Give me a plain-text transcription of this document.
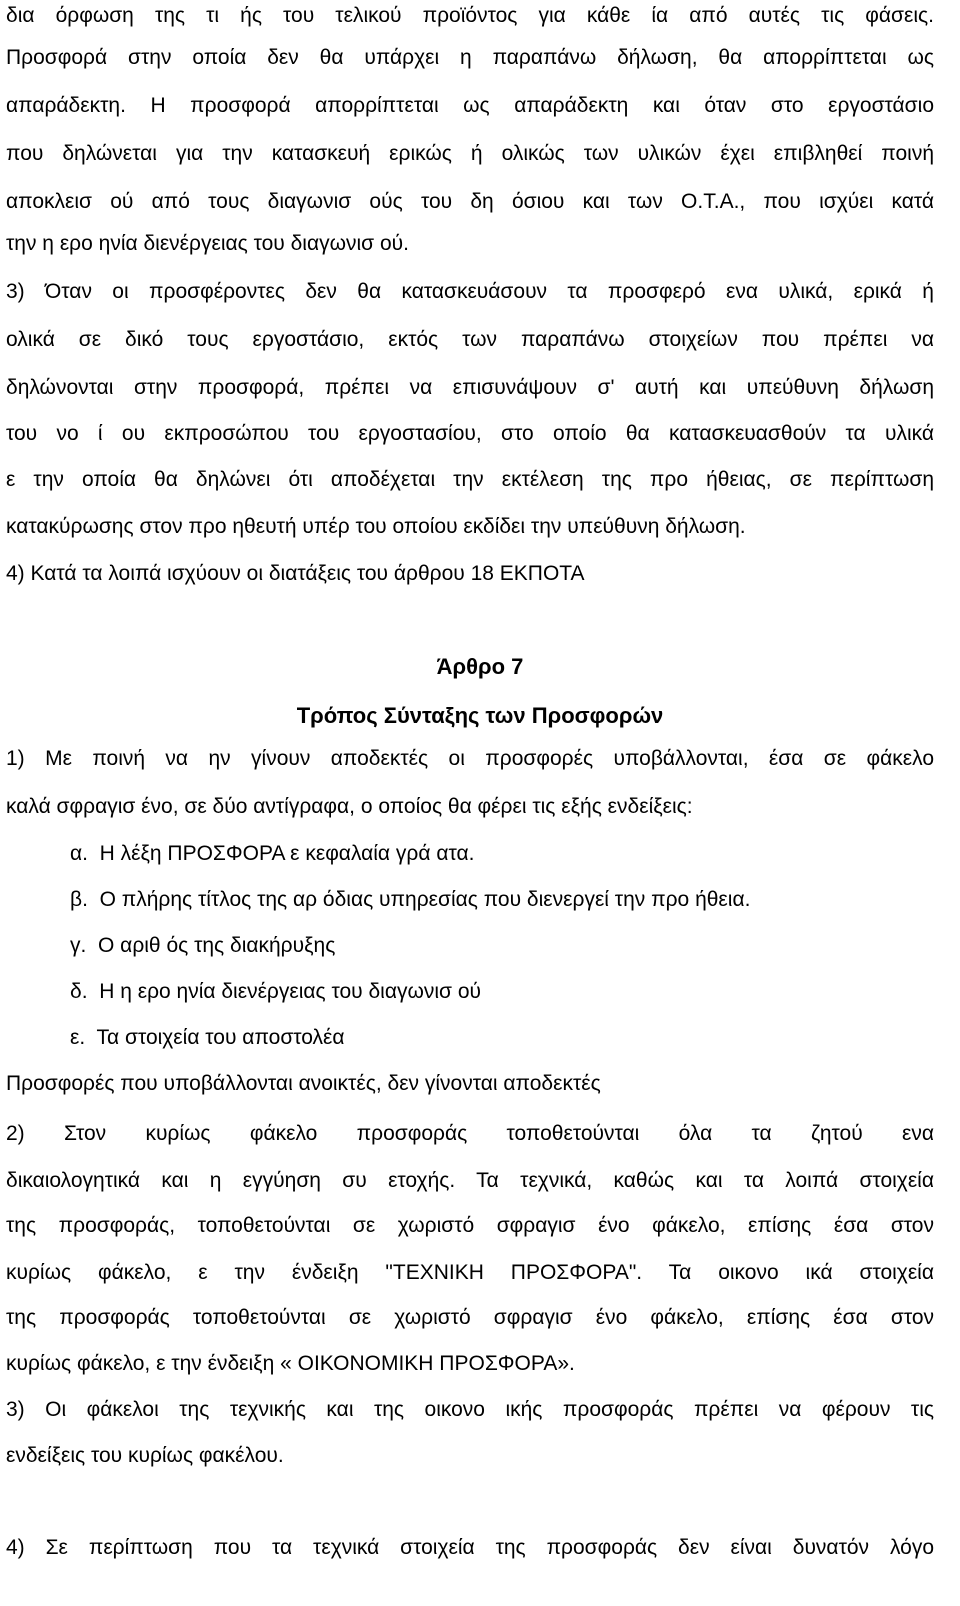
δια όρφωση της τι ής του τελικού προϊόντος για κάθε ία από αυτές τις φάσεις.
Προσφορά στην οποία δεν θα υπάρχει η παραπάνω δήλωση, θα απορρίπτεται ως
απαράδεκτη. Η προσφορά απορρίπτεται ως απαράδεκτη και όταν στο εργοστάσιο
που δηλώνεται για την κατασκευή ερικώς ή ολικώς των υλικών έχει επιβληθεί ποινή
αποκλεισ ού από τους διαγωνισ ούς του δη όσιου και των Ο.Τ.Α., που ισχύει κατά
την η ερο ηνία διενέργειας του διαγωνισ ού.
3) Όταν οι προσφέροντες δεν θα κατασκευάσουν τα προσφερό ενα υλικά, ερικά ή
ολικά σε δικό τους εργοστάσιο, εκτός των παραπάνω στοιχείων που πρέπει να
δηλώνονται στην προσφορά, πρέπει να επισυνάψουν σ' αυτή και υπεύθυνη δήλωση
του νο ί ου εκπροσώπου του εργοστασίου, στο οποίο θα κατασκευασθούν τα υλικά
ε την οποία θα δηλώνει ότι αποδέχεται την εκτέλεση της προ ήθειας, σε περίπτωση
κατακύρωσης στον προ ηθευτή υπέρ του οποίου εκδίδει την υπεύθυνη δήλωση.
4) Κατά τα λοιπά ισχύουν οι διατάξεις του άρθρου 18 ΕΚΠΟΤΑ
Άρθρο 7
Τρόπος Σύνταξης των Προσφορών
1) Με ποινή να ην γίνουν αποδεκτές οι προσφορές υποβάλλονται, έσα σε φάκελο
καλά σφραγισ ένο, σε δύο αντίγραφα, ο οποίος θα φέρει τις εξής ενδείξεις:
α.  Η λέξη ΠΡΟΣΦΟΡΑ ε κεφαλαία γρά ατα.
β.  Ο πλήρης τίτλος της αρ όδιας υπηρεσίας που διενεργεί την προ ήθεια.
γ.  Ο αριθ ός της διακήρυξης
δ.  Η η ερο ηνία διενέργειας του διαγωνισ ού
ε.  Τα στοιχεία του αποστολέα
Προσφορές που υποβάλλονται ανοικτές, δεν γίνονται αποδεκτές
2) Στον κυρίως φάκελο προσφοράς τοποθετούνται όλα τα ζητού ενα
δικαιολογητικά και η εγγύηση συ ετοχής. Τα τεχνικά, καθώς και τα λοιπά στοιχεία
της προσφοράς, τοποθετούνται σε χωριστό σφραγισ ένο φάκελο, επίσης έσα στον
κυρίως φάκελο, ε την ένδειξη "ΤΕΧΝΙΚΗ ΠΡΟΣΦΟΡΑ". Τα οικονο ικά στοιχεία
της προσφοράς τοποθετούνται σε χωριστό σφραγισ ένο φάκελο, επίσης έσα στον
κυρίως φάκελο, ε την ένδειξη « ΟΙΚΟΝΟΜΙΚΗ ΠΡΟΣΦΟΡΑ».
3) Οι φάκελοι της τεχνικής και της οικονο ικής προσφοράς πρέπει να φέρουν τις
ενδείξεις του κυρίως φακέλου.
4) Σε περίπτωση που τα τεχνικά στοιχεία της προσφοράς δεν είναι δυνατόν λόγο
